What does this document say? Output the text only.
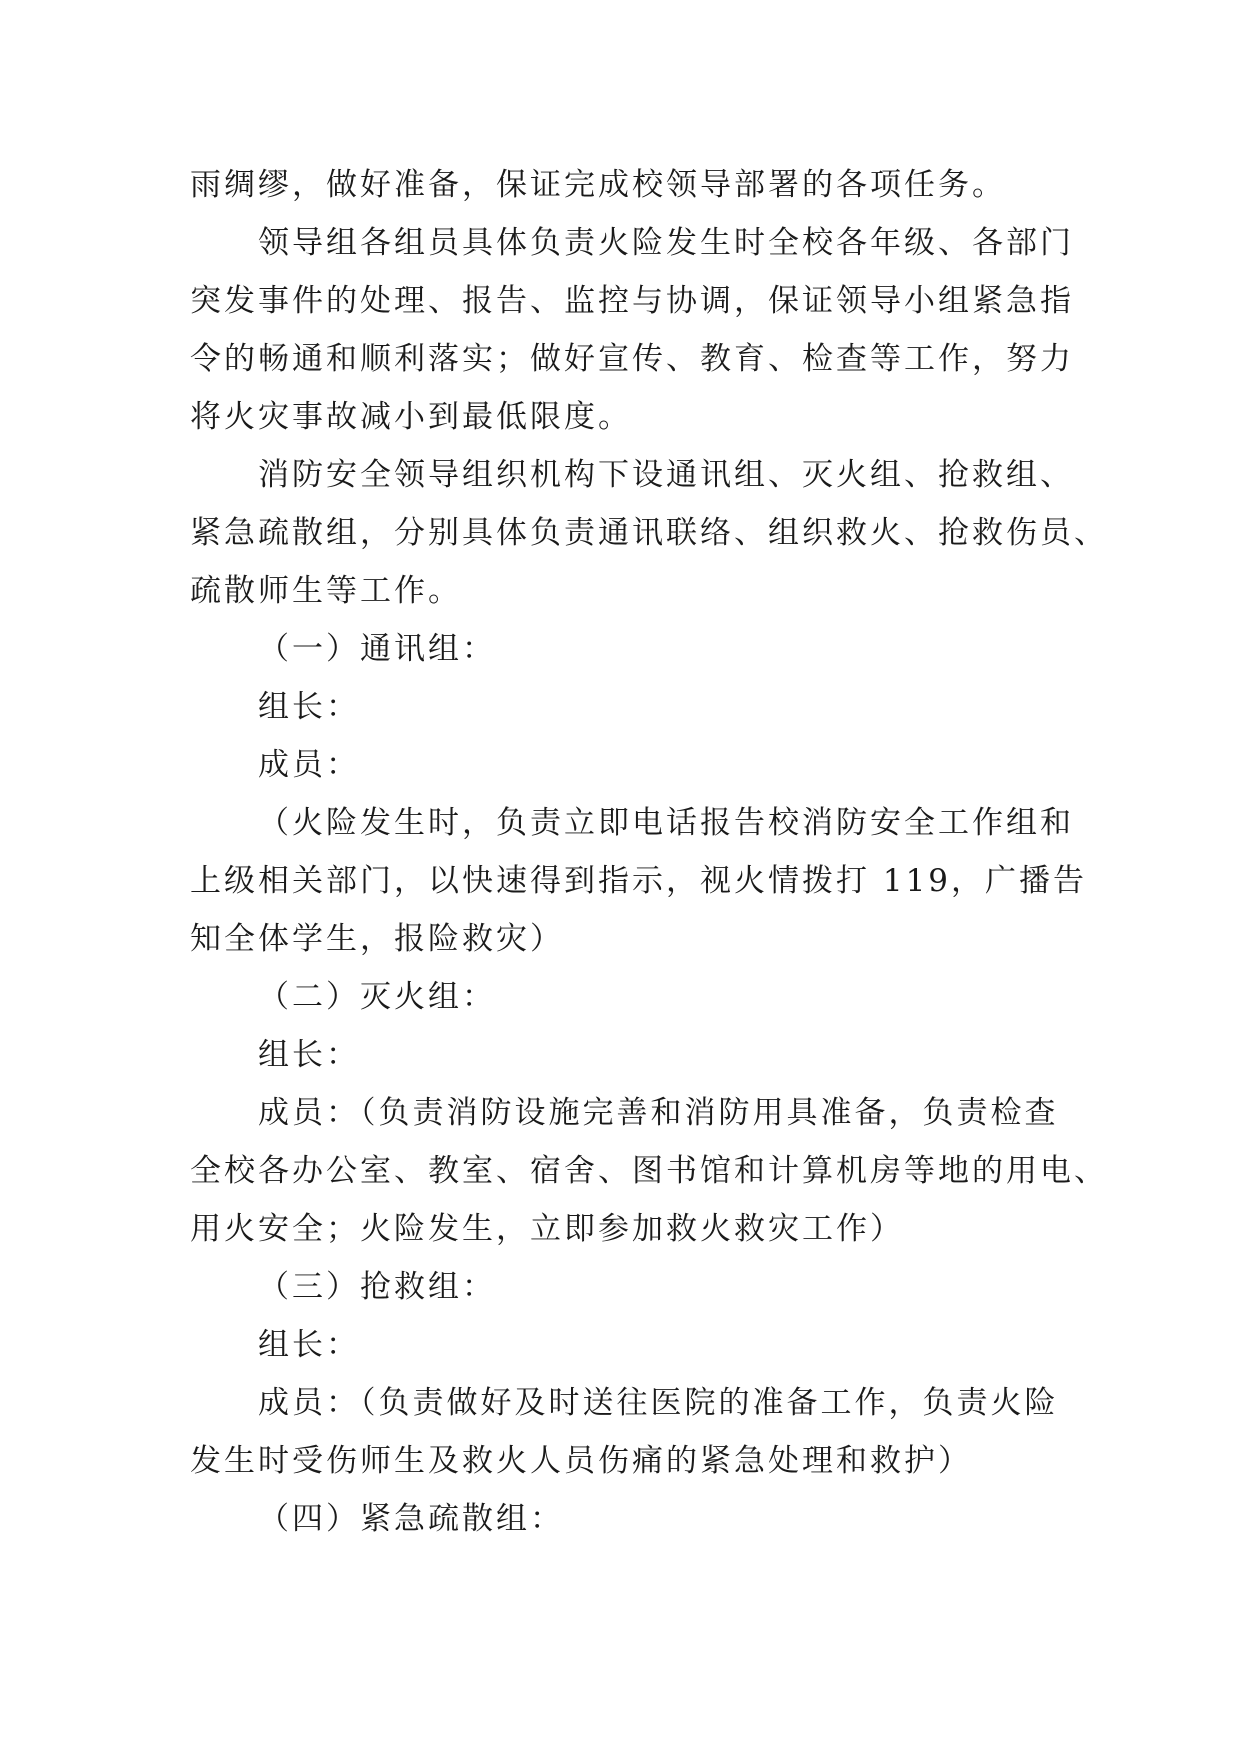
雨绸缪，做好准备，保证完成校领导部署的各项任务。
领导组各组员具体负责火险发生时全校各年级、各部门
突发事件的处理、报告、监控与协调，保证领导小组紧急指
令的畅通和顺利落实；做好宣传、教育、检查等工作，努力
将火灾事故减小到最低限度。
消防安全领导组织机构下设通讯组、灭火组、抢救组、
紧急疏散组，分别具体负责通讯联络、组织救火、抢救伤员、
疏散师生等工作。
（一）通讯组：
组长：
成员：
（火险发生时，负责立即电话报告校消防安全工作组和
上级相关部门，以快速得到指示，视火情拨打 119，广播告
知全体学生，报险救灾）
（二）灭火组：
组长：
成员：（负责消防设施完善和消防用具准备，负责检查
全校各办公室、教室、宿舍、图书馆和计算机房等地的用电、
用火安全；火险发生，立即参加救火救灾工作）
（三）抢救组：
组长：
成员：（负责做好及时送往医院的准备工作，负责火险
发生时受伤师生及救火人员伤痛的紧急处理和救护）
（四）紧急疏散组：
